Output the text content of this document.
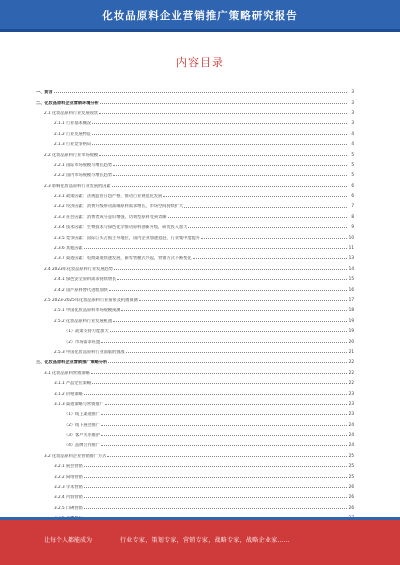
化妆品原料企业营销推广策略研究报告
内容目录
一、前言	3
二、化妆品原料企业营销环境分析	3
2.1 化妆品原料行业发展现状	3
2.1.1 行业基本概况	3
2.1.2 行业发展特征	4
2.1.3 行业竞争格局	4
2.2 化妆品原料行业市场规模	5
2.2.1 国际市场规模与增长趋势	5
2.2.2 国内市场规模与增长趋势	5
2.3 影响化妆品原料行业发展的因素	6
2.3.1 政策因素：法规监管日趋严格，推动行业规范化发展	6
2.3.2 经济因素：消费升级带动高端原料需求增长，市场空间持续扩大	7
2.3.3 社会因素：消费者成分意识增强，功效型原料受到青睐	8
2.3.4 技术因素：生物技术与绿色化学推动原料创新升级，研发投入加大	9
2.3.5 竞争因素：国际巨头占据主导地位，国内企业加速追赶，行业集中度提升	10
2.3.6 其他因素	11
2.3.7 渠道因素：电商渠道快速发展，新零售模式兴起，营销方式不断变化	13
2.4 2023年化妆品原料行业发展趋势	14
2.4.1 绿色安全原料需求持续增长	15
2.4.2 国产原料替代进程加快	16
2.5 2023-2025年化妆品原料行业前景及机遇预测	17
2.5.1 中国化妆品原料市场规模预测	18
2.5.2 化妆品原料行业发展机遇	19
（1）政策支持力度加大	19
（2）市场需求旺盛	20
2.5.3 中国化妆品原料行业面临的挑战	21
三、化妆品原料企业营销推广策略分析	22
3.1 化妆品原料营销策略	22
3.1.1 产品定位策略	22
3.1.2 价格策略	23
3.1.3 渠道策略与营销推广	23
（1）线上渠道推广	23
（2）线下展会推广	24
（3）客户关系维护	24
（4）品牌合作推广	24
3.2 化妆品原料企业营销推广方式	25
3.2.1 展会营销	25
3.2.2 网络营销	25
3.2.3 学术营销	26
3.2.4 内容营销	26
3.2.5 口碑营销	26
让每个人都能成为	行业专家，策划专家，营销专家，战略专家，战略企业家……
